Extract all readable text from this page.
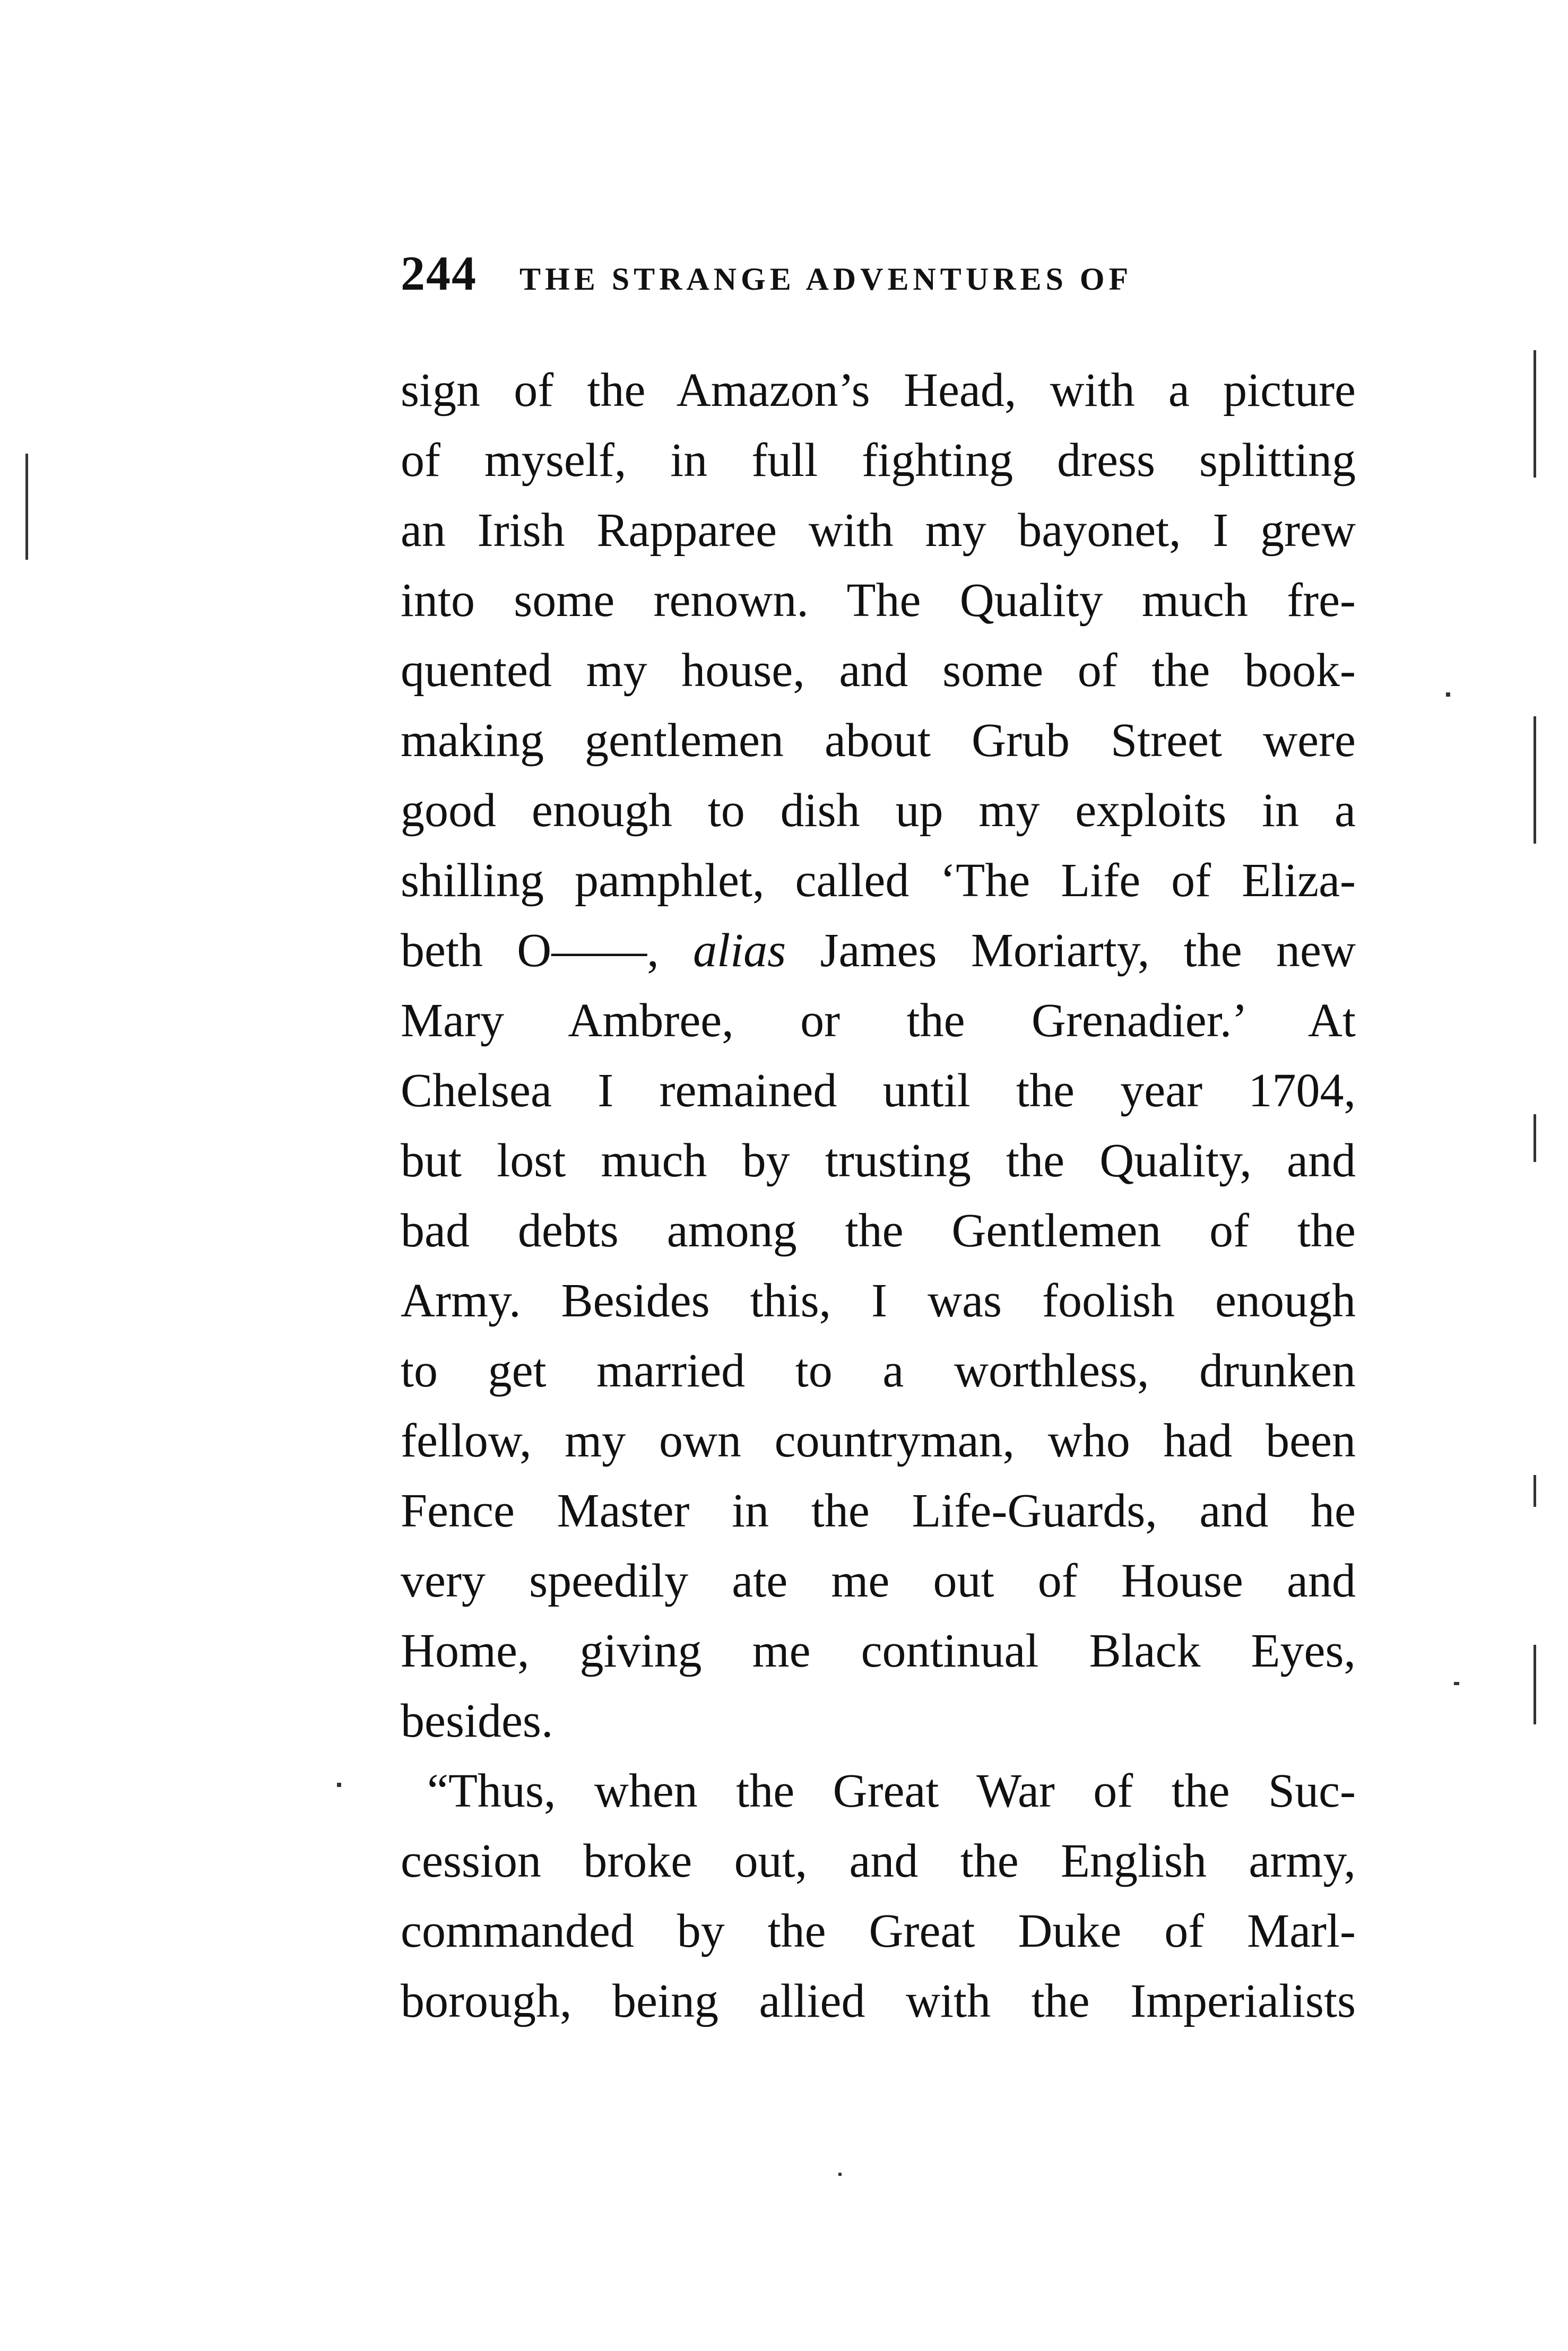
244 THE STRANGE ADVENTURES OF
sign of the Amazon’s Head, with a picture
of myself, in full fighting dress splitting
an Irish Rapparee with my bayonet, I grew
into some renown. The Quality much fre-
quented my house, and some of the book-
making gentlemen about Grub Street were
good enough to dish up my exploits in a
shilling pamphlet, called ‘The Life of Eliza-
beth O——, alias James Moriarty, the new
Mary Ambree, or the Grenadier.’ At
Chelsea I remained until the year 1704,
but lost much by trusting the Quality, and
bad debts among the Gentlemen of the
Army. Besides this, I was foolish enough
to get married to a worthless, drunken
fellow, my own countryman, who had been
Fence Master in the Life-Guards, and he
very speedily ate me out of House and
Home, giving me continual Black Eyes,
besides.
“Thus, when the Great War of the Suc-
cession broke out, and the English army,
commanded by the Great Duke of Marl-
borough, being allied with the Imperialists
